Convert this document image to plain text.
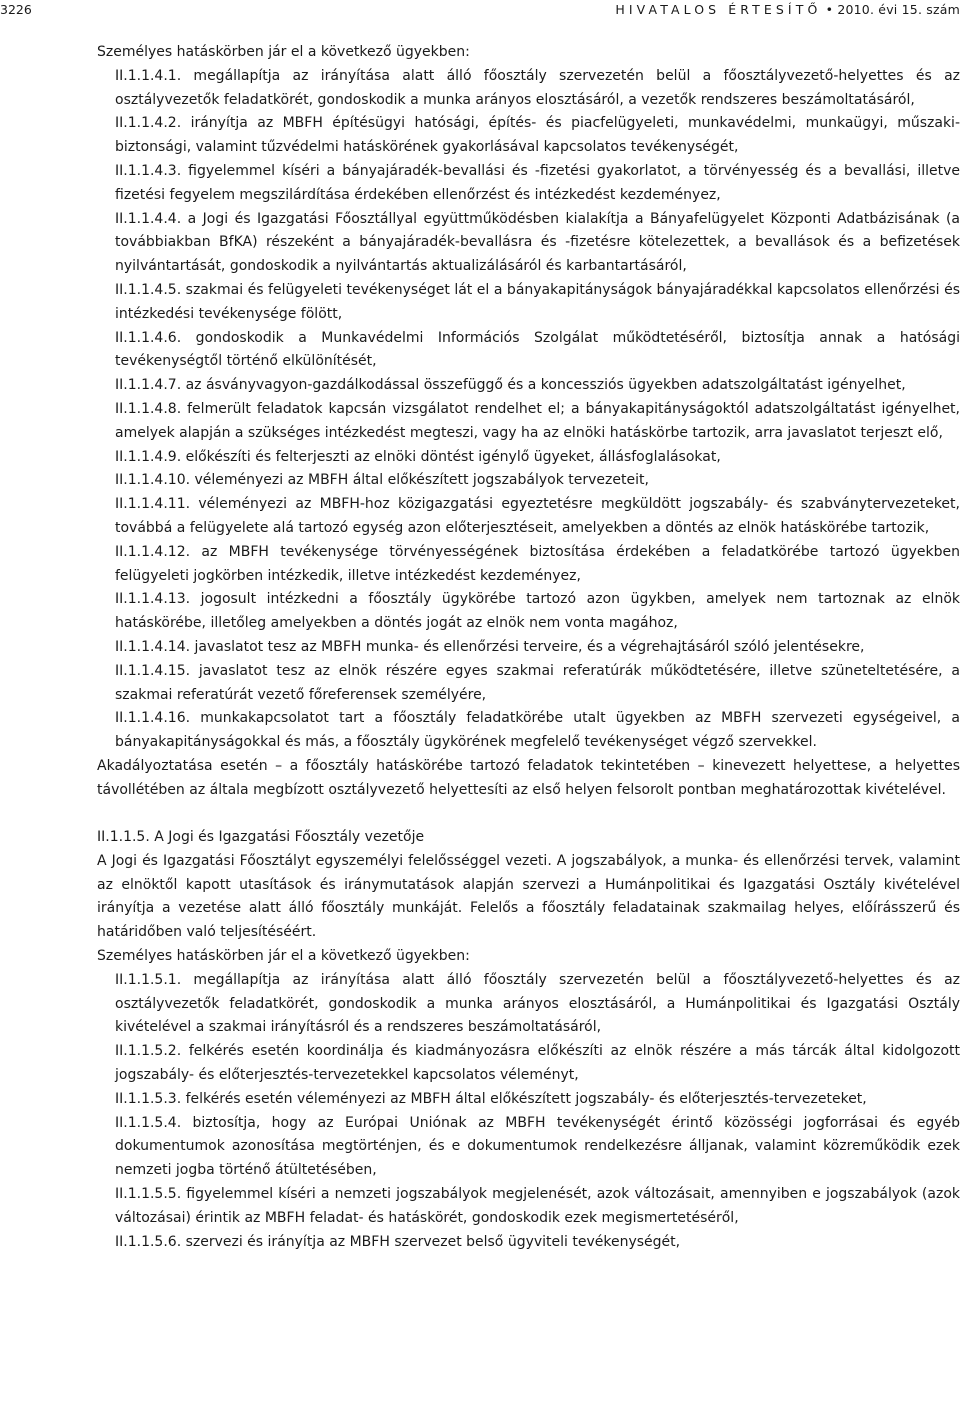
3226	HIVATALOS ÉRTESÍTŐ • 2010. évi 15. szám

Személyes hatáskörben jár el a következő ügyekben:

II.1.1.4.1. megállapítja az irányítása alatt álló főosztály szervezetén belül a főosztályvezető-helyettes és az osztályvezetők feladatkörét, gondoskodik a munka arányos elosztásáról, a vezetők rendszeres beszámoltatásáról,

II.1.1.4.2. irányítja az MBFH építésügyi hatósági, építés- és piacfelügyeleti, munkavédelmi, munkaügyi, műszaki-biztonsági, valamint tűzvédelmi hatáskörének gyakorlásával kapcsolatos tevékenységét,

II.1.1.4.3. figyelemmel kíséri a bányajáradék-bevallási és -fizetési gyakorlatot, a törvényesség és a bevallási, illetve fizetési fegyelem megszilárdítása érdekében ellenőrzést és intézkedést kezdeményez,

II.1.1.4.4. a Jogi és Igazgatási Főosztállyal együttműködésben kialakítja a Bányafelügyelet Központi Adatbázisának (a továbbiakban BfKA) részeként a bányajáradék-bevallásra és -fizetésre kötelezettek, a bevallások és a befizetések nyilvántartását, gondoskodik a nyilvántartás aktualizálásáról és karbantartásáról,

II.1.1.4.5. szakmai és felügyeleti tevékenységet lát el a bányakapitányságok bányajáradékkal kapcsolatos ellenőrzési és intézkedési tevékenysége fölött,

II.1.1.4.6. gondoskodik a Munkavédelmi Információs Szolgálat működtetéséről, biztosítja annak a hatósági tevékenységtől történő elkülönítését,

II.1.1.4.7. az ásványvagyon-gazdálkodással összefüggő és a koncessziós ügyekben adatszolgáltatást igényelhet,

II.1.1.4.8. felmerült feladatok kapcsán vizsgálatot rendelhet el; a bányakapitányságoktól adatszolgáltatást igényelhet, amelyek alapján a szükséges intézkedést megteszi, vagy ha az elnöki hatáskörbe tartozik, arra javaslatot terjeszt elő,

II.1.1.4.9. előkészíti és felterjeszti az elnöki döntést igénylő ügyeket, állásfoglalásokat,

II.1.1.4.10. véleményezi az MBFH által előkészített jogszabályok tervezeteit,

II.1.1.4.11. véleményezi az MBFH-hoz közigazgatási egyeztetésre megküldött jogszabály- és szabványtervezeteket, továbbá a felügyelete alá tartozó egység azon előterjesztéseit, amelyekben a döntés az elnök hatáskörébe tartozik,

II.1.1.4.12. az MBFH tevékenysége törvényességének biztosítása érdekében a feladatkörébe tartozó ügyekben felügyeleti jogkörben intézkedik, illetve intézkedést kezdeményez,

II.1.1.4.13. jogosult intézkedni a főosztály ügykörébe tartozó azon ügykben, amelyek nem tartoznak az elnök hatáskörébe, illetőleg amelyekben a döntés jogát az elnök nem vonta magához,

II.1.1.4.14. javaslatot tesz az MBFH munka- és ellenőrzési terveire, és a végrehajtásáról szóló jelentésekre,

II.1.1.4.15. javaslatot tesz az elnök részére egyes szakmai referatúrák működtetésére, illetve szüneteltetésére, a szakmai referatúrát vezető főreferensek személyére,

II.1.1.4.16. munkakapcsolatot tart a főosztály feladatkörébe utalt ügyekben az MBFH szervezeti egységeivel, a bányakapitányságokkal és más, a főosztály ügykörének megfelelő tevékenységet végző szervekkel.

Akadályoztatása esetén – a főosztály hatáskörébe tartozó feladatok tekintetében – kinevezett helyettese, a helyettes távollétében az általa megbízott osztályvezető helyettesíti az első helyen felsorolt pontban meghatározottak kivételével.

II.1.1.5. A Jogi és Igazgatási Főosztály vezetője

A Jogi és Igazgatási Főosztályt egyszemélyi felelősséggel vezeti. A jogszabályok, a munka- és ellenőrzési tervek, valamint az elnöktől kapott utasítások és iránymutatások alapján szervezi a Humánpolitikai és Igazgatási Osztály kivételével irányítja a vezetése alatt álló főosztály munkáját. Felelős a főosztály feladatainak szakmailag helyes, előírásszerű és határidőben való teljesítéséért.

Személyes hatáskörben jár el a következő ügyekben:

II.1.1.5.1. megállapítja az irányítása alatt álló főosztály szervezetén belül a főosztályvezető-helyettes és az osztályvezetők feladatkörét, gondoskodik a munka arányos elosztásáról, a Humánpolitikai és Igazgatási Osztály kivételével a szakmai irányításról és a rendszeres beszámoltatásáról,

II.1.1.5.2. felkérés esetén koordinálja és kiadmányozásra előkészíti az elnök részére a más tárcák által kidolgozott jogszabály- és előterjesztés-tervezetekkel kapcsolatos véleményt,

II.1.1.5.3. felkérés esetén véleményezi az MBFH által előkészített jogszabály- és előterjesztés-tervezeteket,

II.1.1.5.4. biztosítja, hogy az Európai Uniónak az MBFH tevékenységét érintő közösségi jogforrásai és egyéb dokumentumok azonosítása megtörténjen, és e dokumentumok rendelkezésre álljanak, valamint közreműködik ezek nemzeti jogba történő átültetésében,

II.1.1.5.5. figyelemmel kíséri a nemzeti jogszabályok megjelenését, azok változásait, amennyiben e jogszabályok (azok változásai) érintik az MBFH feladat- és hatáskörét, gondoskodik ezek megismertetéséről,

II.1.1.5.6. szervezi és irányítja az MBFH szervezet belső ügyviteli tevékenységét,
